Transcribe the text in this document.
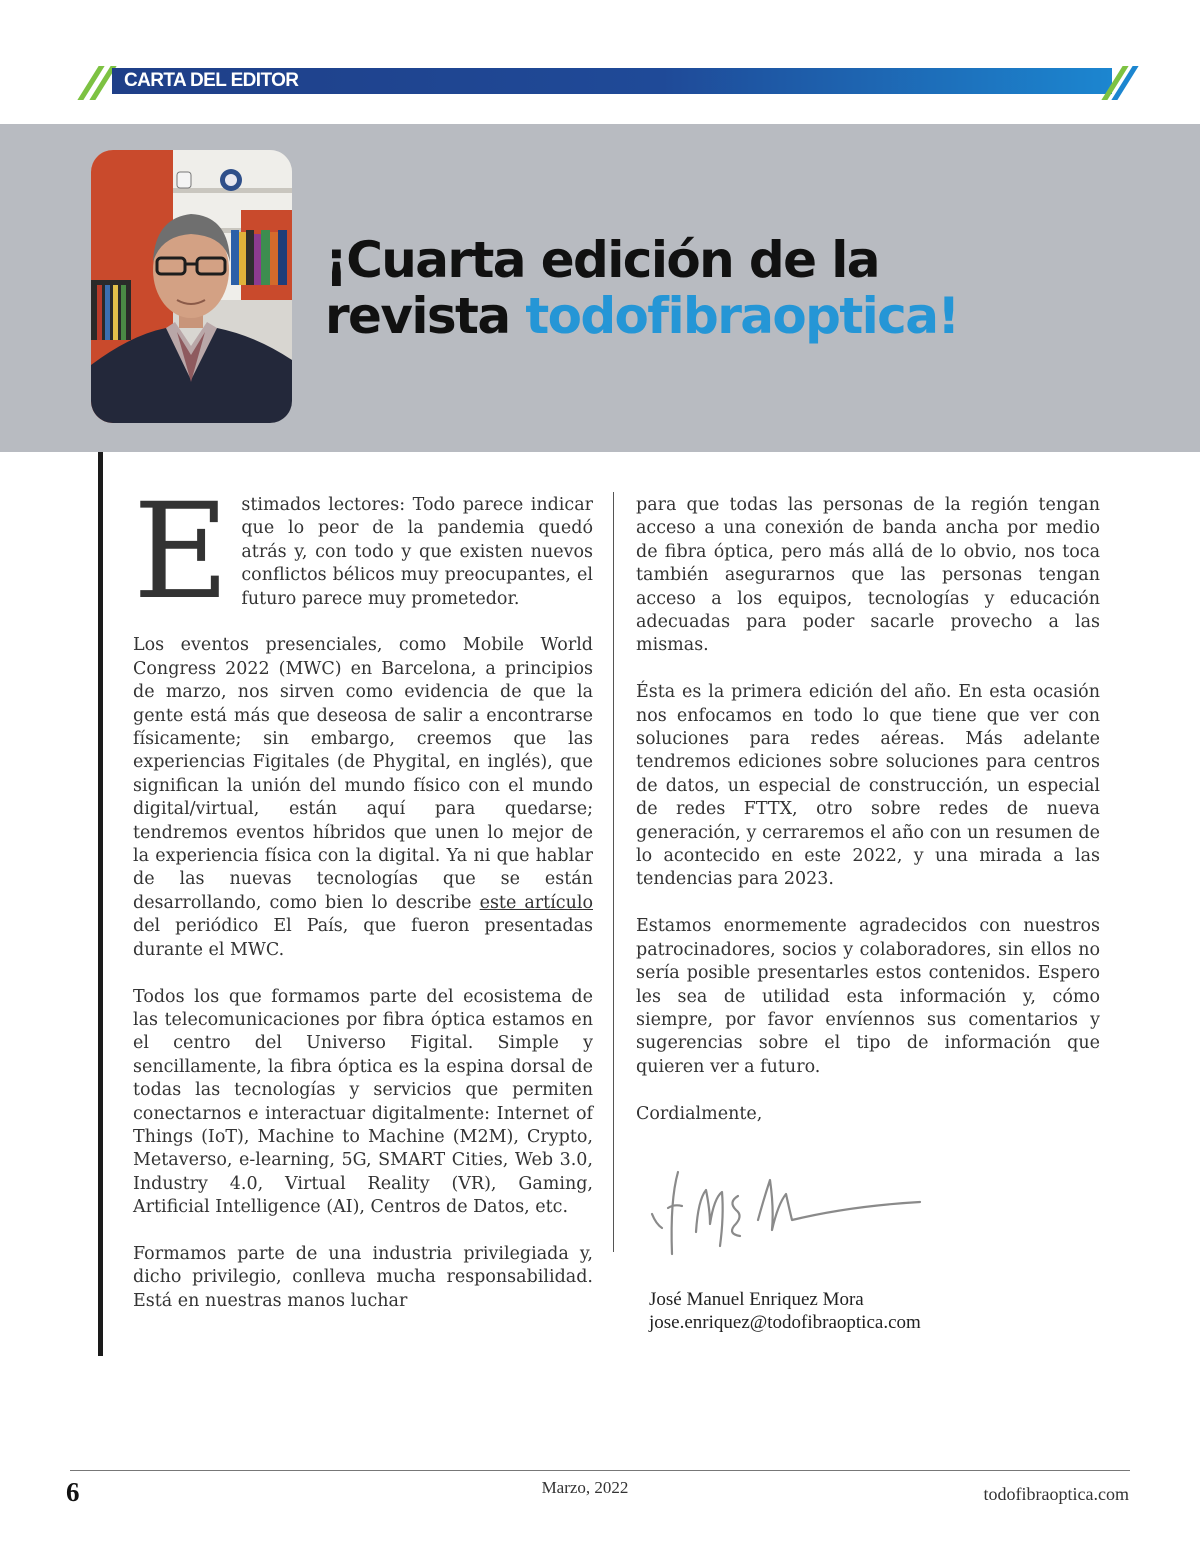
CARTA DEL EDITOR
¡Cuarta edición de la
revista todofibraoptica!

Estimados lectores: Todo parece indicar que lo peor de la pandemia quedó atrás y, con todo y que existen nuevos conflictos bélicos muy preocupantes, el futuro parece muy prometedor.

Los eventos presenciales, como Mobile World Congress 2022 (MWC) en Barcelona, a principios de marzo, nos sirven como evidencia de que la gente está más que deseosa de salir a encontrarse físicamente; sin embargo, creemos que las experiencias Figitales (de Phygital, en inglés), que significan la unión del mundo físico con el mundo digital/virtual, están aquí para quedarse; tendremos eventos híbridos que unen lo mejor de la experiencia física con la digital. Ya ni que hablar de las nuevas tecnologías que se están desarrollando, como bien lo describe este artículo del periódico El País, que fueron presentadas durante el MWC.

Todos los que formamos parte del ecosistema de las telecomunicaciones por fibra óptica estamos en el centro del Universo Figital. Simple y sencillamente, la fibra óptica es la espina dorsal de todas las tecnologías y servicios que permiten conectarnos e interactuar digitalmente: Internet of Things (IoT), Machine to Machine (M2M), Crypto, Metaverso, e-learning, 5G, SMART Cities, Web 3.0, Industry 4.0, Virtual Reality (VR), Gaming, Artificial Intelligence (AI), Centros de Datos, etc.

Formamos parte de una industria privilegiada y, dicho privilegio, conlleva mucha responsabilidad. Está en nuestras manos luchar

para que todas las personas de la región tengan acceso a una conexión de banda ancha por medio de fibra óptica, pero más allá de lo obvio, nos toca también asegurarnos que las personas tengan acceso a los equipos, tecnologías y educación adecuadas para poder sacarle provecho a las mismas.

Ésta es la primera edición del año. En esta ocasión nos enfocamos en todo lo que tiene que ver con soluciones para redes aéreas. Más adelante tendremos ediciones sobre soluciones para centros de datos, un especial de construcción, un especial de redes FTTX, otro sobre redes de nueva generación, y cerraremos el año con un resumen de lo acontecido en este 2022, y una mirada a las tendencias para 2023.

Estamos enormemente agradecidos con nuestros patrocinadores, socios y colaboradores, sin ellos no sería posible presentarles estos contenidos. Espero les sea de utilidad esta información y, cómo siempre, por favor envíennos sus comentarios y sugerencias sobre el tipo de información que quieren ver a futuro.

Cordialmente,

José Manuel Enriquez Mora
jose.enriquez@todofibraoptica.com
6	Marzo, 2022	todofibraoptica.com
